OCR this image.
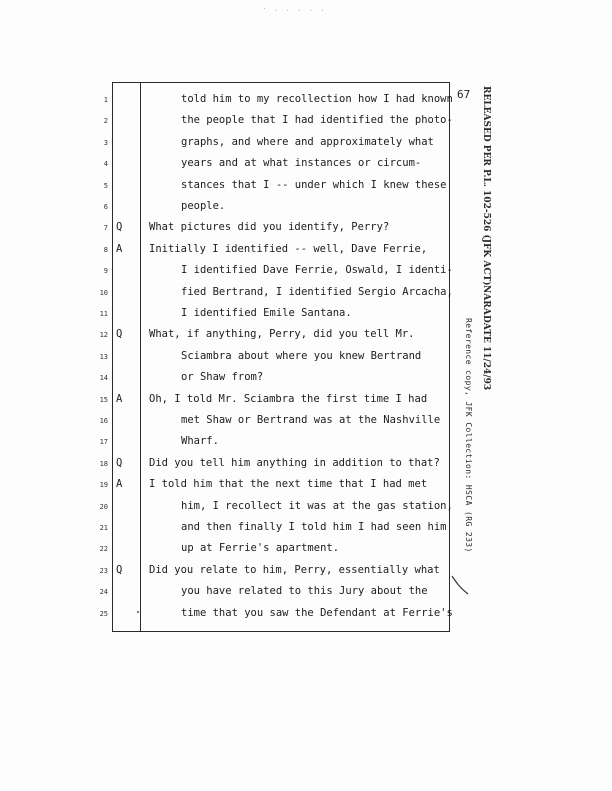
· . . . . .
67 RELEASED PER P.L. 102-526 (JFK ACT)
NARA
DATE 11/24/93
Reference copy, JFK Collection: HSCA (RG 233)
1	told him to my recollection how I had known
2	the people that I had identified the photo-
3	graphs, and where and approximately what
4	years and at what instances or circum-
5	stances that I -- under which I knew these
6	people.
7 Q	What pictures did you identify, Perry?
8 A	Initially I identified -- well, Dave Ferrie,
9	I identified Dave Ferrie, Oswald, I identi-
10	fied Bertrand, I identified Sergio Arcacha,
11	I identified Emile Santana.
12 Q	What, if anything, Perry, did you tell Mr.
13	Sciambra about where you knew Bertrand
14	or Shaw from?
15 A	Oh, I told Mr. Sciambra the first time I had
16	met Shaw or Bertrand was at the Nashville
17	Wharf.
18 Q	Did you tell him anything in addition to that?
19 A	I told him that the next time that I had met
20	him, I recollect it was at the gas station,
21	and then finally I told him I had seen him
22	up at Ferrie's apartment.
23 Q	Did you relate to him, Perry, essentially what
24	you have related to this Jury about the
25	time that you saw the Defendant at Ferrie's
